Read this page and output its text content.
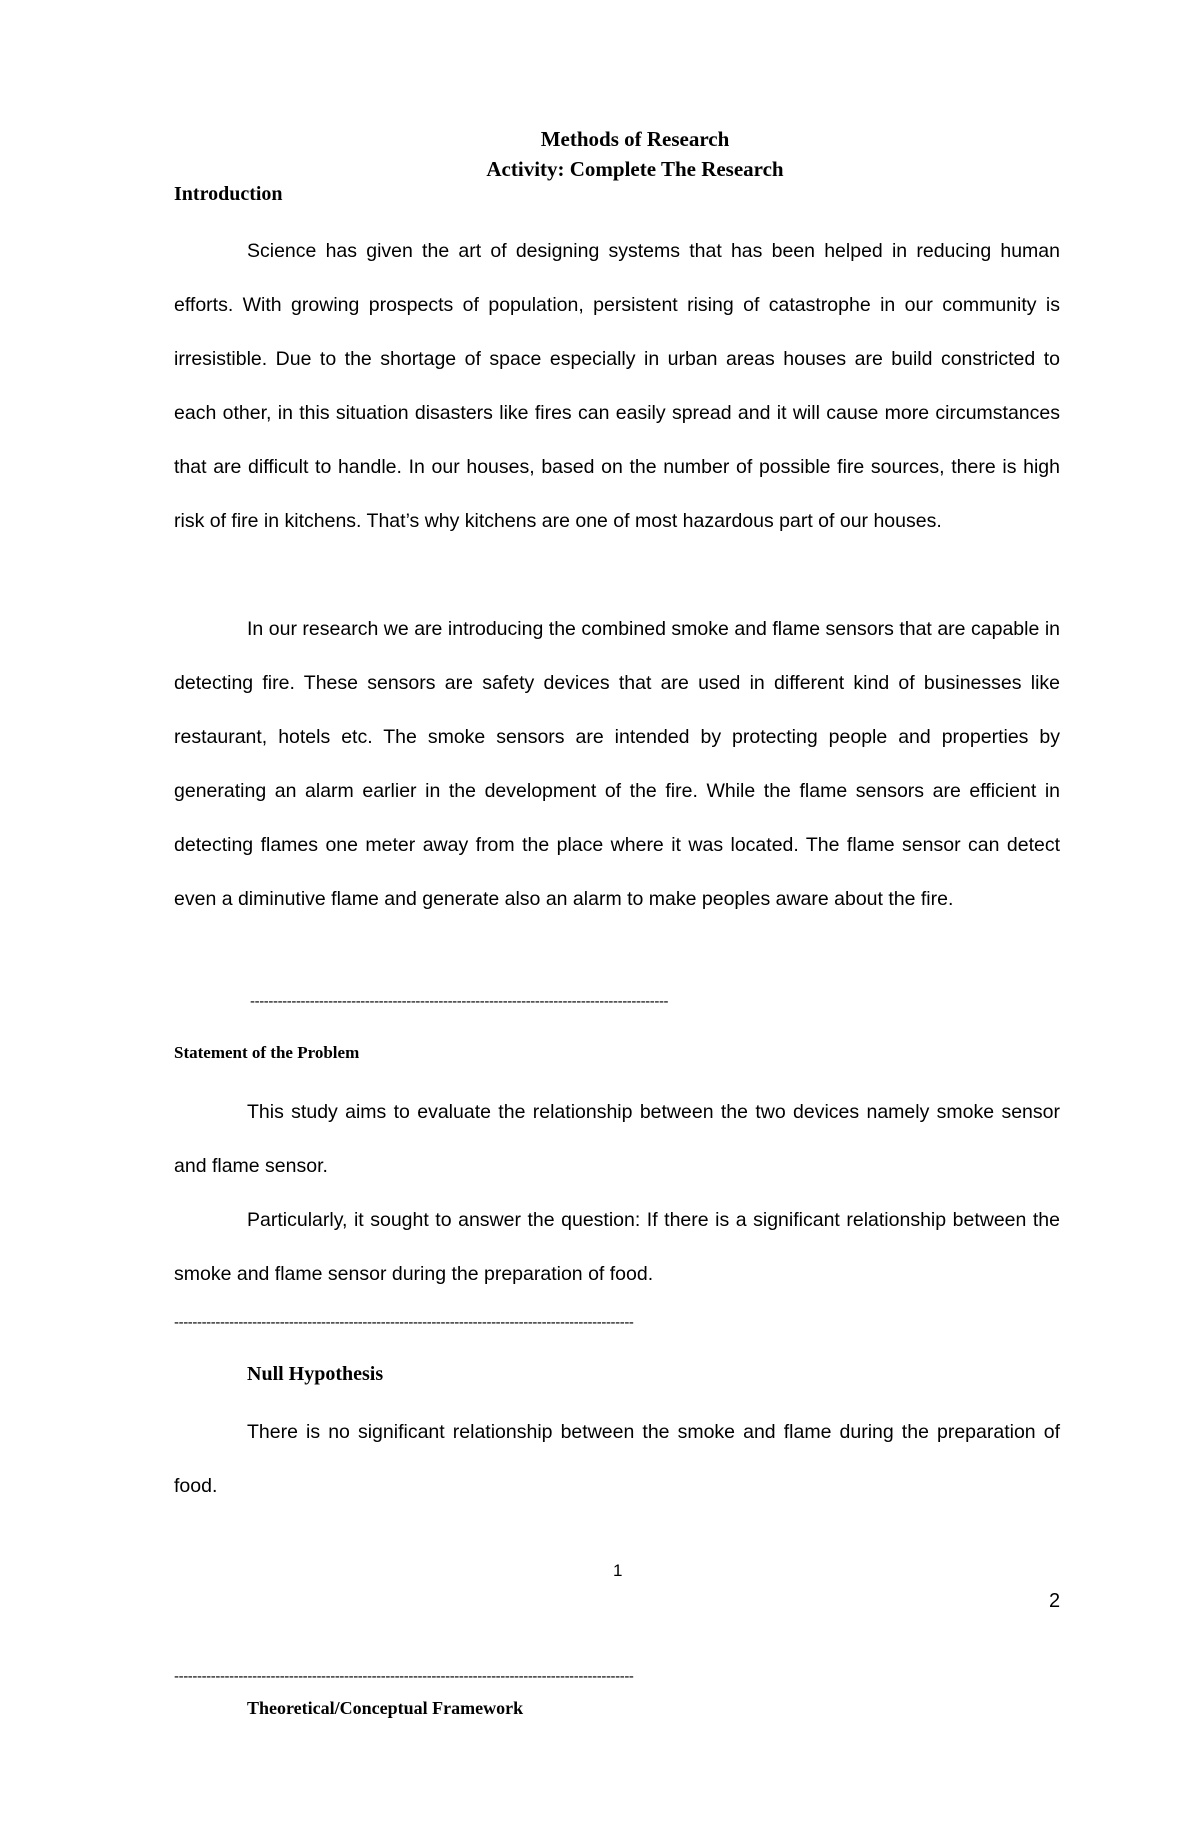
Methods of Research
Activity: Complete The Research
Introduction

Science has given the art of designing systems that has been helped in reducing human efforts. With growing prospects of population, persistent rising of catastrophe in our community is irresistible. Due to the shortage of space especially in urban areas houses are build constricted to each other, in this situation disasters like fires can easily spread and it will cause more circumstances that are difficult to handle. In our houses, based on the number of possible fire sources, there is high risk of fire in kitchens. That’s why kitchens are one of most hazardous part of our houses.

In our research we are introducing the combined smoke and flame sensors that are capable in detecting fire. These sensors are safety devices that are used in different kind of businesses like restaurant, hotels etc. The smoke sensors are intended by protecting people and properties by generating an alarm earlier in the development of the fire. While the flame sensors are efficient in detecting flames one meter away from the place where it was located. The flame sensor can detect even a diminutive flame and generate also an alarm to make peoples aware about the fire.

-------------------------------------------------------------------------------------------
Statement of the Problem

This study aims to evaluate the relationship between the two devices namely smoke sensor and flame sensor.

Particularly, it sought to answer the question: If there is a significant relationship between the smoke and flame sensor during the preparation of food.

----------------------------------------------------------------------------------------------------
Null Hypothesis

There is no significant relationship between the smoke and flame during the preparation of food.

1
2
----------------------------------------------------------------------------------------------------
Theoretical/Conceptual Framework
